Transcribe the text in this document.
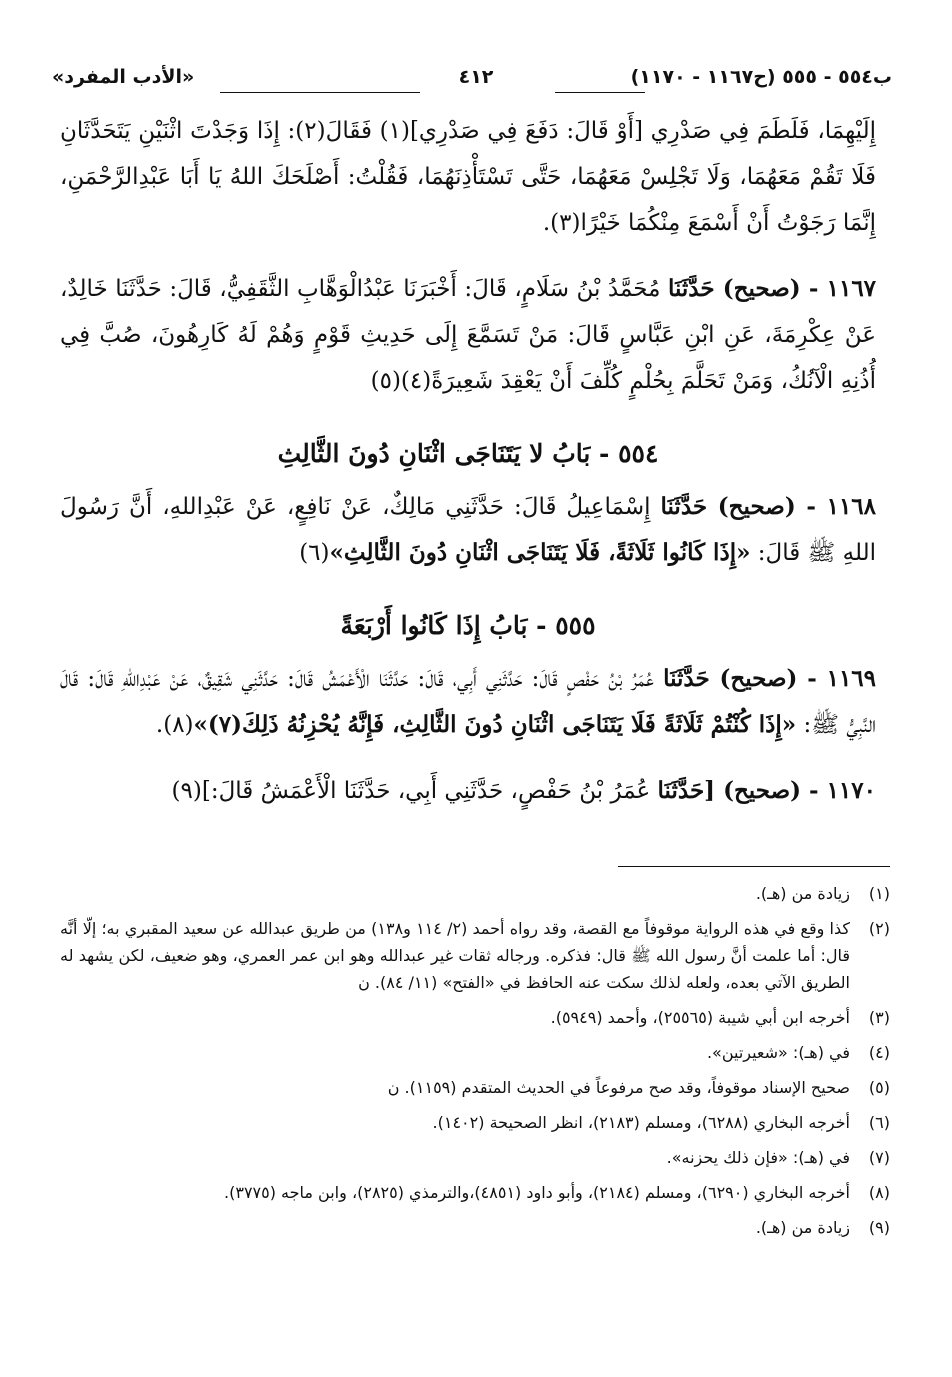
ب٥٥٤ - ٥٥٥ (ح١١٦٧ - ١١٧٠)
٤١٢
«الأدب المفرد»

إِلَيْهِمَا، فَلَطَمَ فِي صَدْرِي [أَوْ قَالَ: دَفَعَ فِي صَدْرِي](١) فَقَالَ(٢): إِذَا وَجَدْتَ اثْنَيْنِ يَتَحَدَّثَانِ فَلَا تَقُمْ مَعَهُمَا، وَلَا تَجْلِسْ مَعَهُمَا، حَتَّى تَسْتَأْذِنَهُمَا، فَقُلْتُ: أَصْلَحَكَ اللهُ يَا أَبَا عَبْدِالرَّحْمَنِ، إِنَّمَا رَجَوْتُ أَنْ أَسْمَعَ مِنْكُمَا خَيْرًا(٣).

١١٦٧ - (صحيح) حَدَّثَنَا مُحَمَّدُ بْنُ سَلَامٍ، قَالَ: أَخْبَرَنَا عَبْدُالْوَهَّابِ الثَّقَفِيُّ، قَالَ: حَدَّثَنَا خَالِدٌ، عَنْ عِكْرِمَةَ، عَنِ ابْنِ عَبَّاسٍ قَالَ: مَنْ تَسَمَّعَ إِلَى حَدِيثِ قَوْمٍ وَهُمْ لَهُ كَارِهُونَ، صُبَّ فِي أُذُنِهِ الْآنُكُ، وَمَنْ تَحَلَّمَ بِحُلْمٍ كُلِّفَ أَنْ يَعْقِدَ شَعِيرَةً(٤)(٥)

٥٥٤ - بَابُ لا يَتَنَاجَى اثْنَانِ دُونَ الثَّالِثِ

١١٦٨ - (صحيح) حَدَّثَنَا إِسْمَاعِيلُ قَالَ: حَدَّثَنِي مَالِكٌ، عَنْ نَافِعٍ، عَنْ عَبْدِاللهِ، أَنَّ رَسُولَ اللهِ ﷺ قَالَ: «إِذَا كَانُوا ثَلَاثَةً، فَلَا يَتَنَاجَى اثْنَانِ دُونَ الثَّالِثِ»(٦)

٥٥٥ - بَابُ إِذَا كَانُوا أَرْبَعَةً

١١٦٩ - (صحيح) حَدَّثَنَا عُمَرُ بْنُ حَفْصٍ قَالَ: حَدَّثَنِي أَبِي، قَالَ: حَدَّثَنَا الْأَعْمَشُ قَالَ: حَدَّثَنِي شَقِيقٌ، عَنْ عَبْدِاللهِ قَالَ: قَالَ النَّبِيُّ ﷺ: «إِذَا كُنْتُمْ ثَلَاثَةً فَلَا يَتَنَاجَى اثْنَانِ دُونَ الثَّالِثِ، فَإِنَّهُ يُحْزِنُهُ ذَلِكَ(٧)»(٨).

١١٧٠ - (صحيح) [حَدَّثَنَا عُمَرُ بْنُ حَفْصٍ، حَدَّثَنِي أَبِي، حَدَّثَنَا الْأَعْمَشُ قَالَ:](٩)

(١)
زيادة من (هـ).
(٢)
كذا وقع في هذه الرواية موقوفاً مع القصة، وقد رواه أحمد (٢/ ١١٤ و١٣٨) من طريق عبدالله عن سعيد المقبري به؛ إلّا أنَّه قال: أما علمت أنَّ رسول الله ﷺ قال: فذكره. ورجاله ثقات غير عبدالله وهو ابن عمر العمري، وهو ضعيف، لكن يشهد له الطريق الآتي بعده، ولعله لذلك سكت عنه الحافظ في «الفتح» (١١/ ٨٤). ن
(٣)
أخرجه ابن أبي شيبة (٢٥٥٦٥)، وأحمد (٥٩٤٩).
(٤)
في (هـ): «شعيرتين».
(٥)
صحيح الإسناد موقوفاً، وقد صح مرفوعاً في الحديث المتقدم (١١٥٩). ن
(٦)
أخرجه البخاري (٦٢٨٨)، ومسلم (٢١٨٣)، انظر الصحيحة (١٤٠٢).
(٧)
في (هـ): «فإن ذلك يحزنه».
(٨)
أخرجه البخاري (٦٢٩٠)، ومسلم (٢١٨٤)، وأبو داود (٤٨٥١)،والترمذي (٢٨٢٥)، وابن ماجه (٣٧٧٥).
(٩)
زيادة من (هـ).
